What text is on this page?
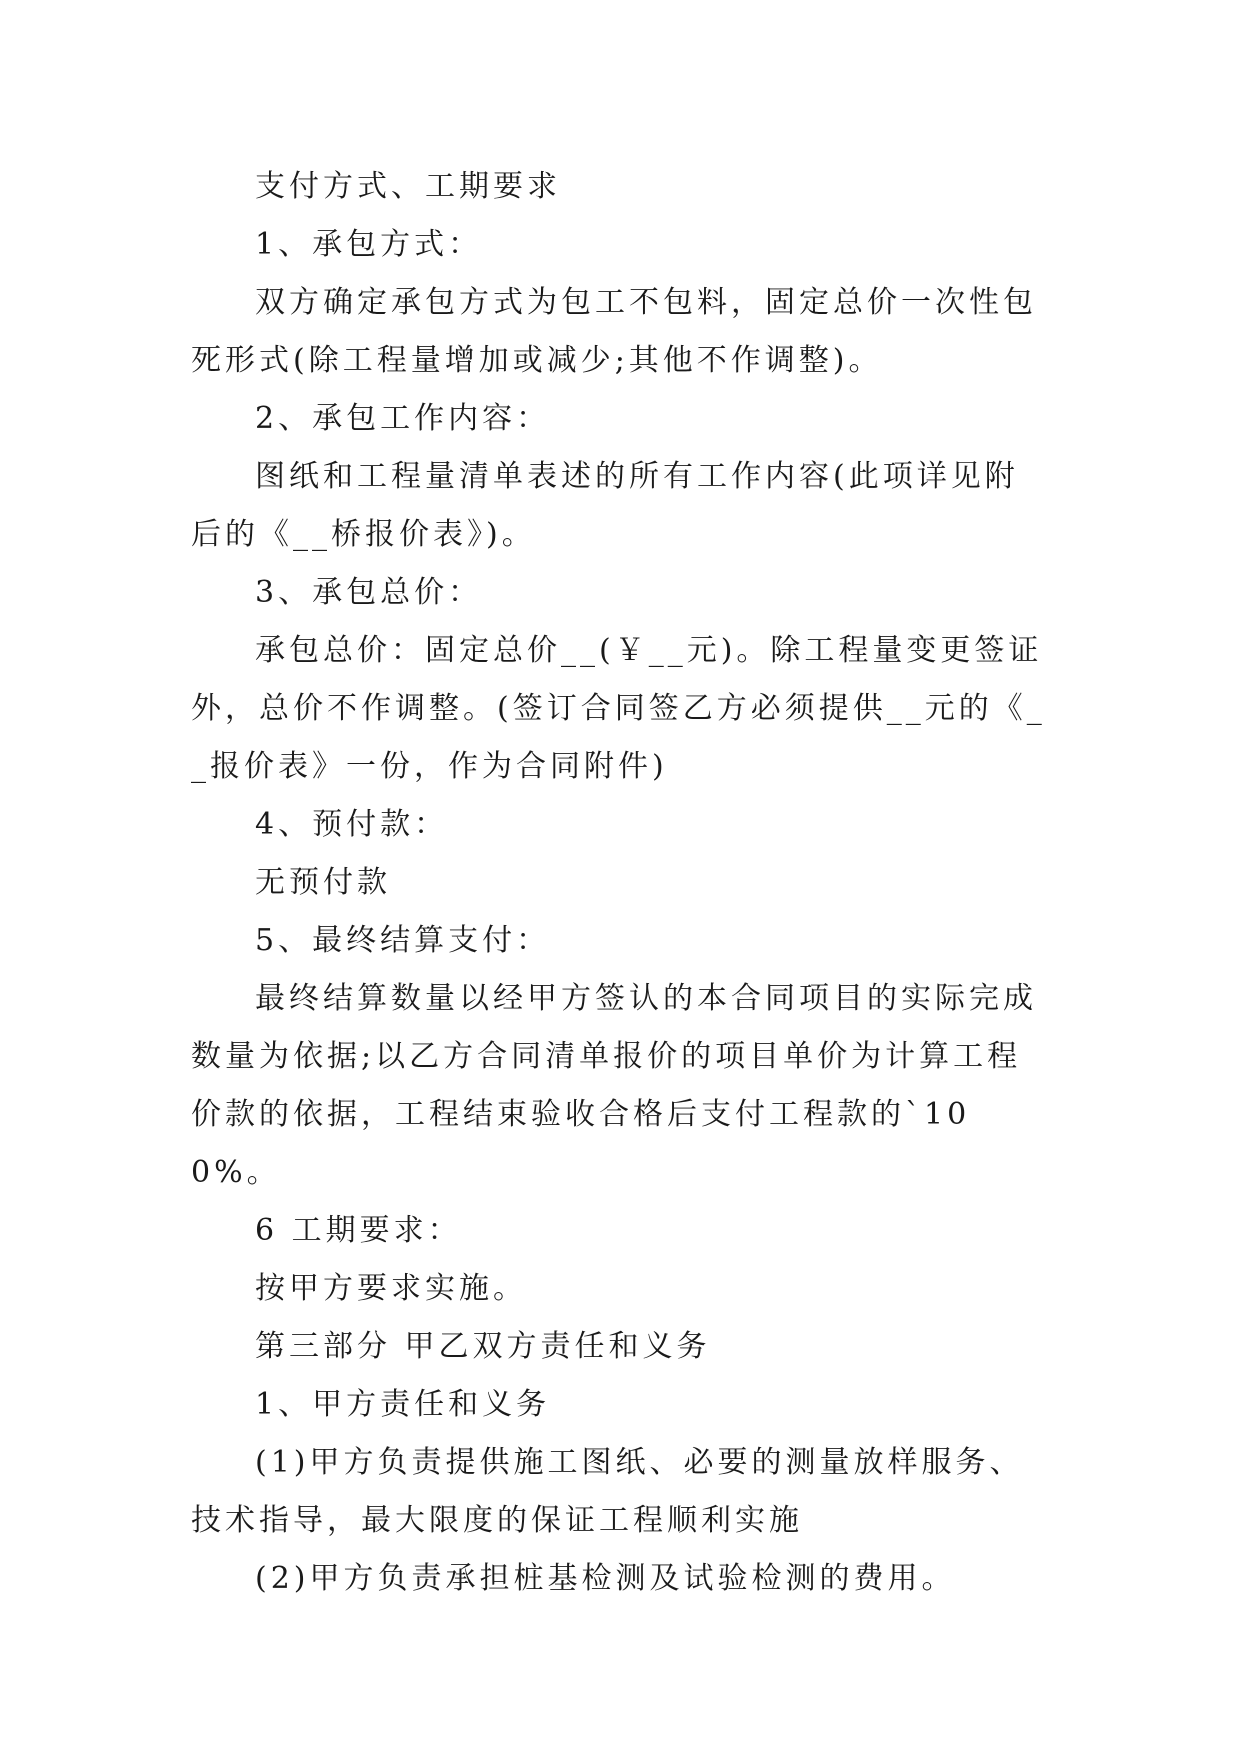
支付方式、工期要求

1、承包方式：

双方确定承包方式为包工不包料，固定总价一次性包死形式(除工程量增加或减少;其他不作调整)。

2、承包工作内容：

图纸和工程量清单表述的所有工作内容(此项详见附后的《__桥报价表》)。

3、承包总价：

承包总价：固定总价__(￥__元)。除工程量变更签证外，总价不作调整。(签订合同签乙方必须提供__元的《__报价表》一份，作为合同附件)

4、预付款：

无预付款

5、最终结算支付：

最终结算数量以经甲方签认的本合同项目的实际完成数量为依据;以乙方合同清单报价的项目单价为计算工程价款的依据，工程结束验收合格后支付工程款的`100%。

6 工期要求：

按甲方要求实施。

第三部分 甲乙双方责任和义务

1、甲方责任和义务

(1)甲方负责提供施工图纸、必要的测量放样服务、技术指导，最大限度的保证工程顺利实施

(2)甲方负责承担桩基检测及试验检测的费用。
